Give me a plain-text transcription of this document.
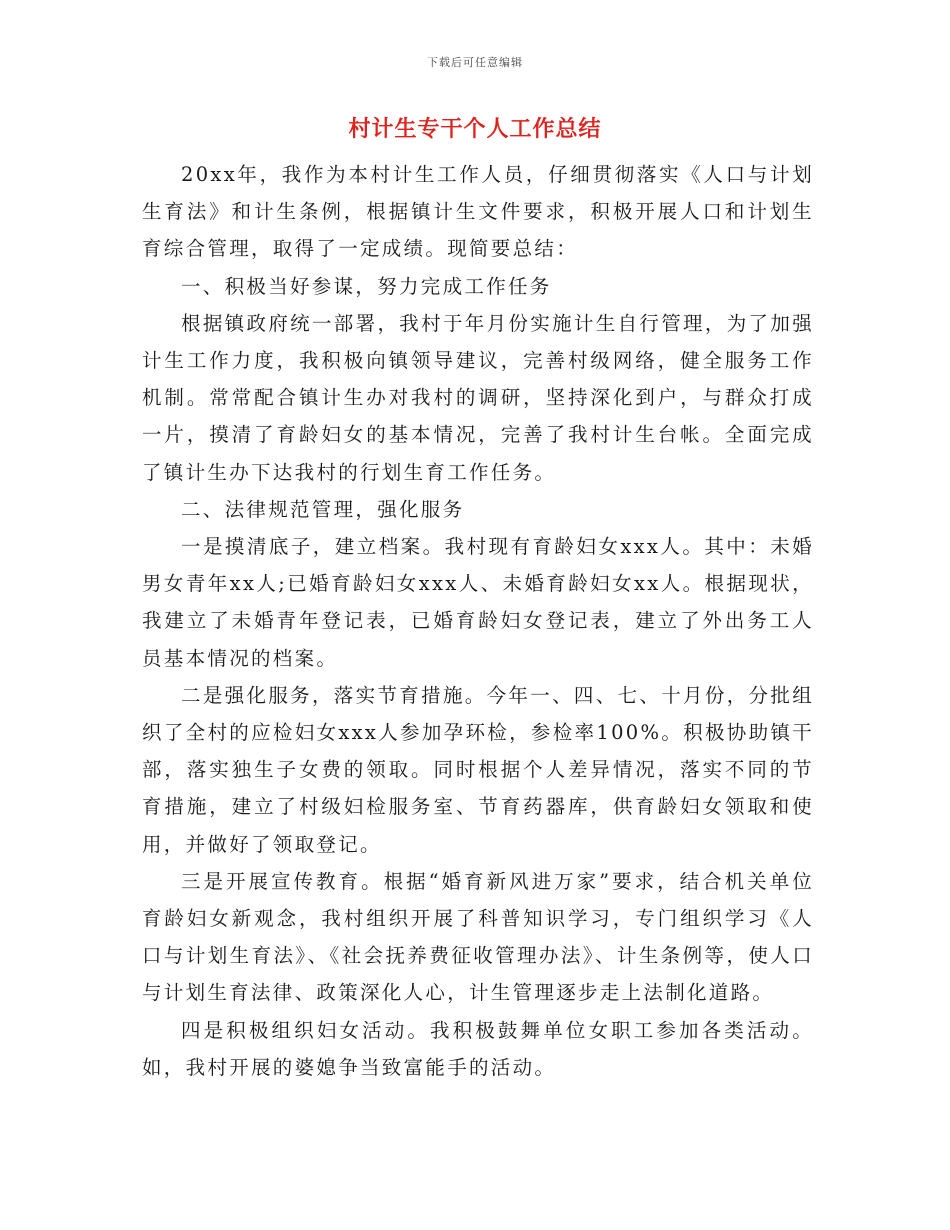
下载后可任意编辑
村计生专干个人工作总结

20xx年，我作为本村计生工作人员，仔细贯彻落实《人口与计划生育法》和计生条例，根据镇计生文件要求，积极开展人口和计划生育综合管理，取得了一定成绩。现简要总结：

一、积极当好参谋，努力完成工作任务

根据镇政府统一部署，我村于年月份实施计生自行管理，为了加强计生工作力度，我积极向镇领导建议，完善村级网络，健全服务工作机制。常常配合镇计生办对我村的调研，坚持深化到户，与群众打成一片，摸清了育龄妇女的基本情况，完善了我村计生台帐。全面完成了镇计生办下达我村的行划生育工作任务。

二、法律规范管理，强化服务

一是摸清底子，建立档案。我村现有育龄妇女xxx人。其中：未婚男女青年xx人;已婚育龄妇女xxx人、未婚育龄妇女xx人。根据现状，我建立了未婚青年登记表，已婚育龄妇女登记表，建立了外出务工人员基本情况的档案。

二是强化服务，落实节育措施。今年一、四、七、十月份，分批组织了全村的应检妇女xxx人参加孕环检，参检率100%。积极协助镇干部，落实独生子女费的领取。同时根据个人差异情况，落实不同的节育措施，建立了村级妇检服务室、节育药器库，供育龄妇女领取和使用，并做好了领取登记。

三是开展宣传教育。根据“婚育新风进万家”要求，结合机关单位育龄妇女新观念，我村组织开展了科普知识学习，专门组织学习《人口与计划生育法》、《社会抚养费征收管理办法》、计生条例等，使人口与计划生育法律、政策深化人心，计生管理逐步走上法制化道路。

四是积极组织妇女活动。我积极鼓舞单位女职工参加各类活动。如，我村开展的婆媳争当致富能手的活动。
